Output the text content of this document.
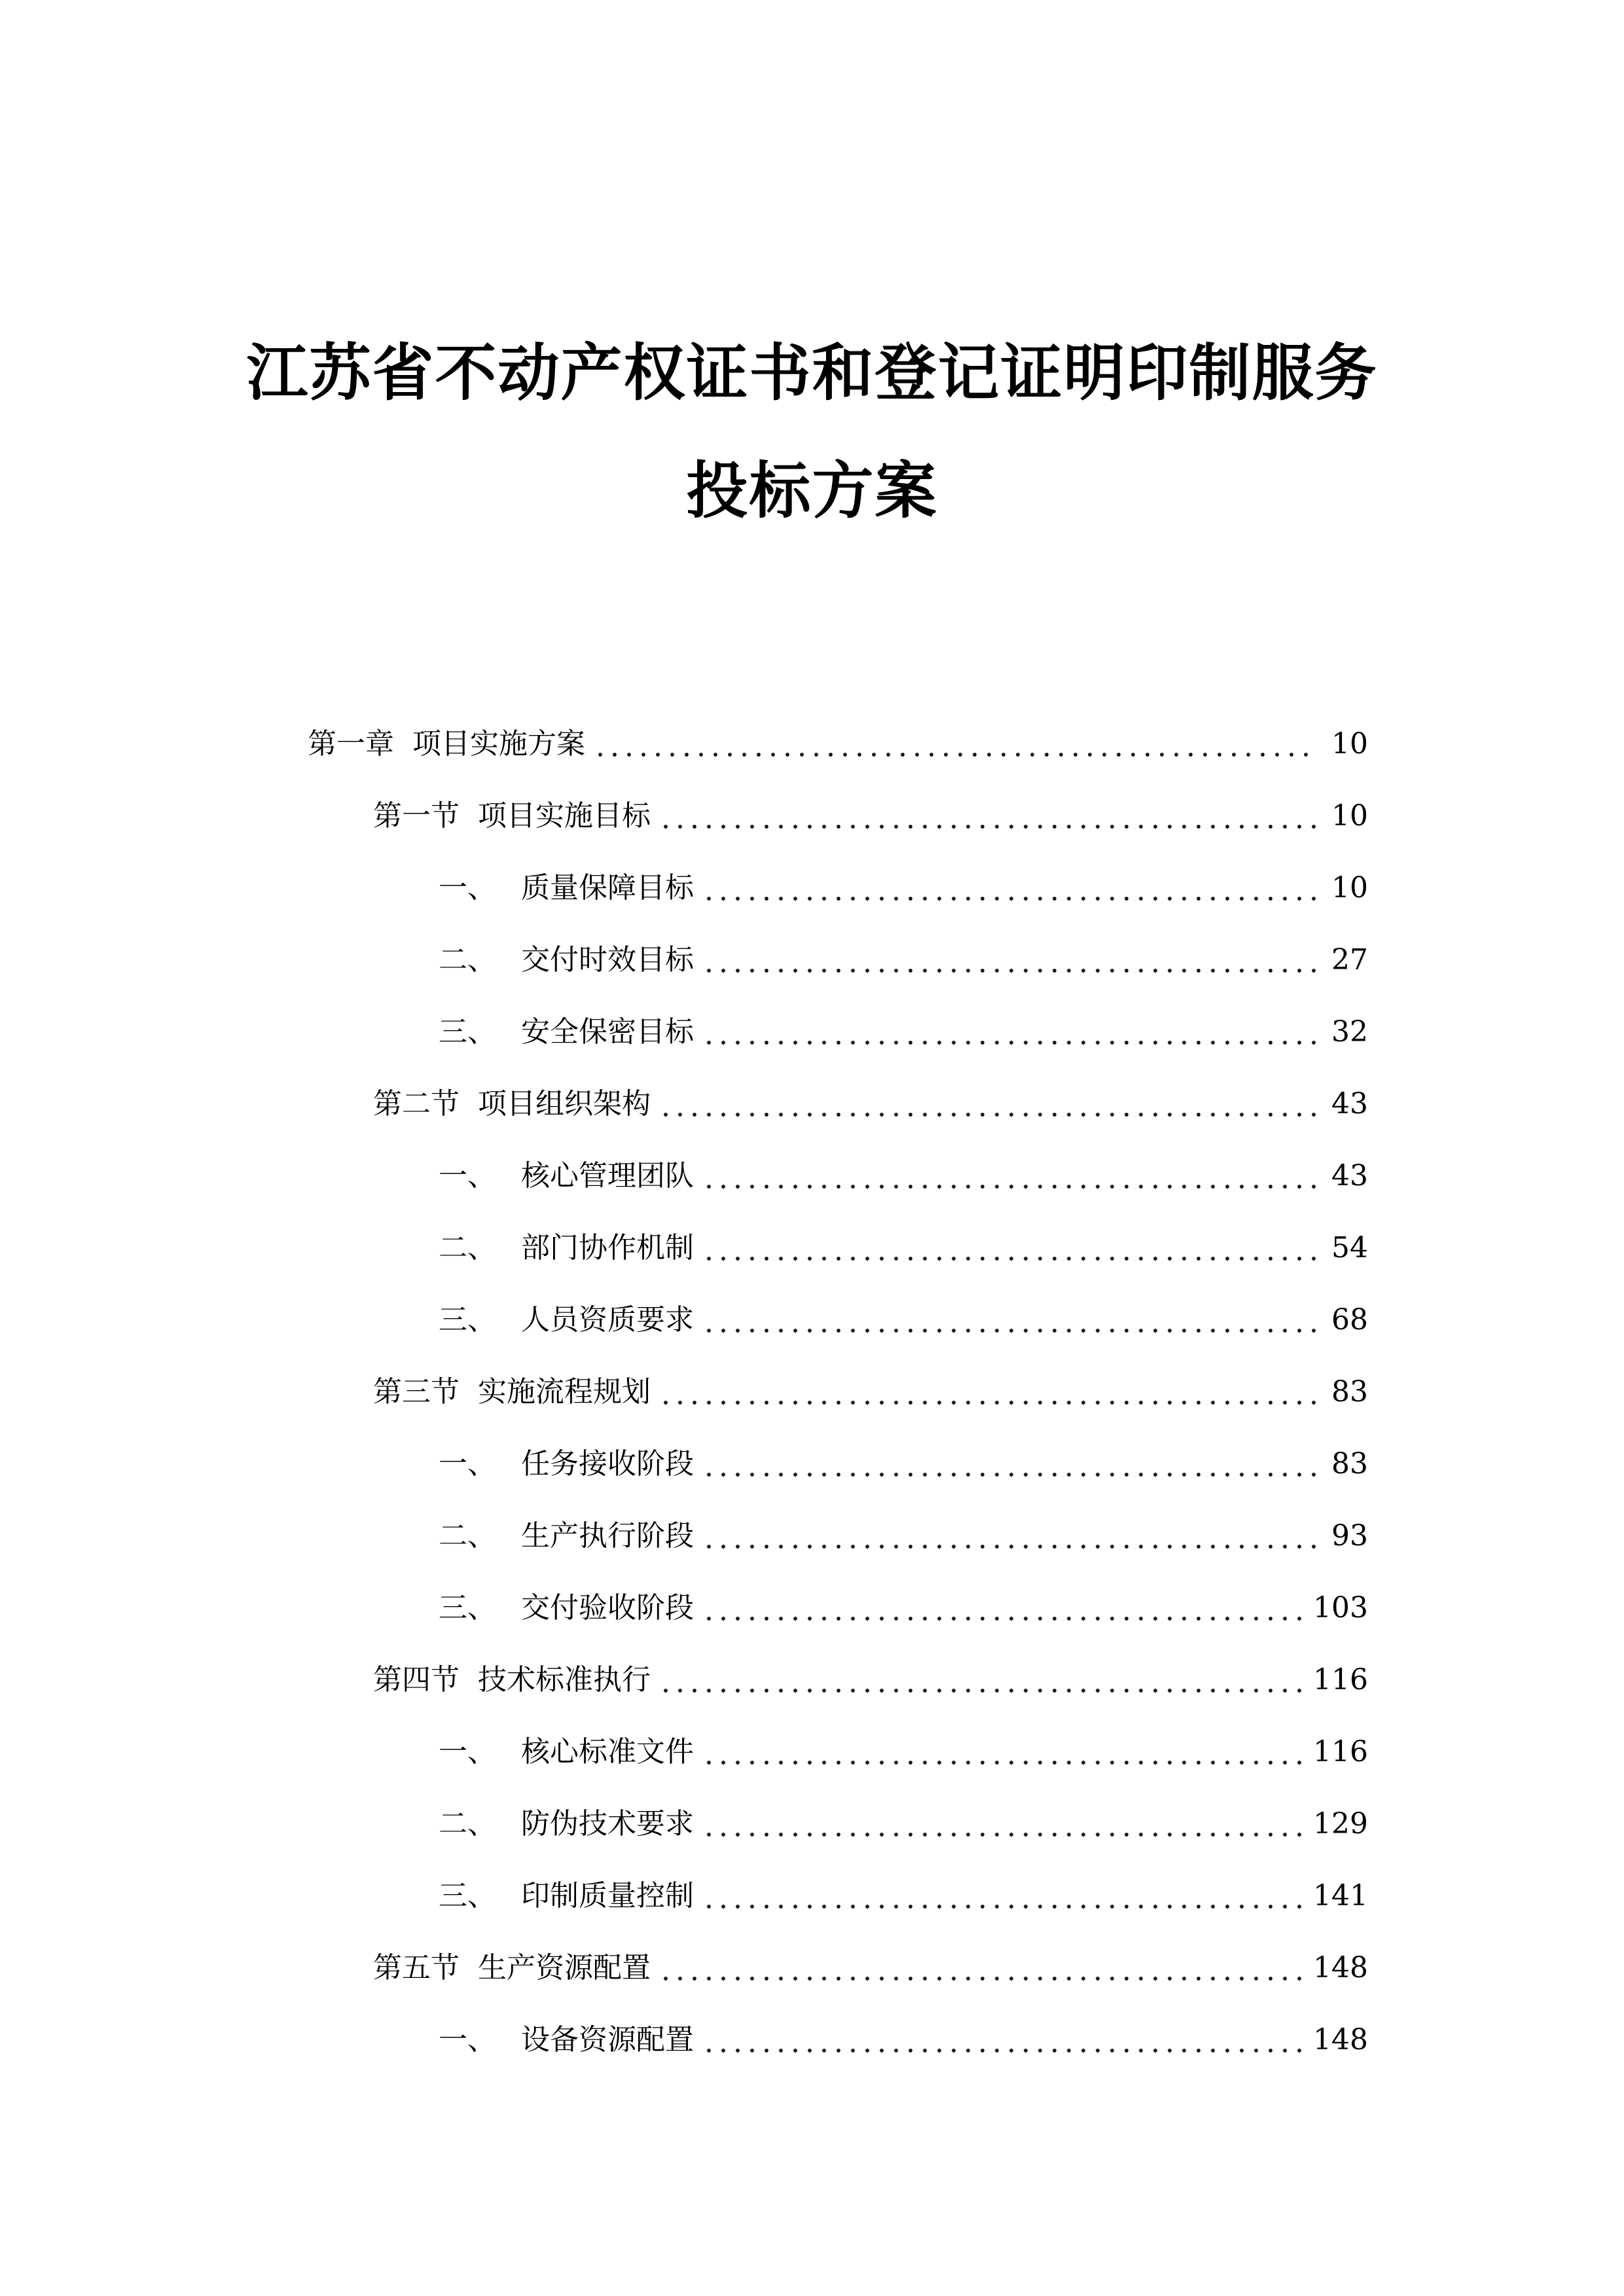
江苏省不动产权证书和登记证明印制服务
投标方案
第一章 项目实施方案	10
第一节 项目实施目标	10
一、 质量保障目标	10
二、 交付时效目标	27
三、 安全保密目标	32
第二节 项目组织架构	43
一、 核心管理团队	43
二、 部门协作机制	54
三、 人员资质要求	68
第三节 实施流程规划	83
一、 任务接收阶段	83
二、 生产执行阶段	93
三、 交付验收阶段	103
第四节 技术标准执行	116
一、 核心标准文件	116
二、 防伪技术要求	129
三、 印制质量控制	141
第五节 生产资源配置	148
一、 设备资源配置	148
